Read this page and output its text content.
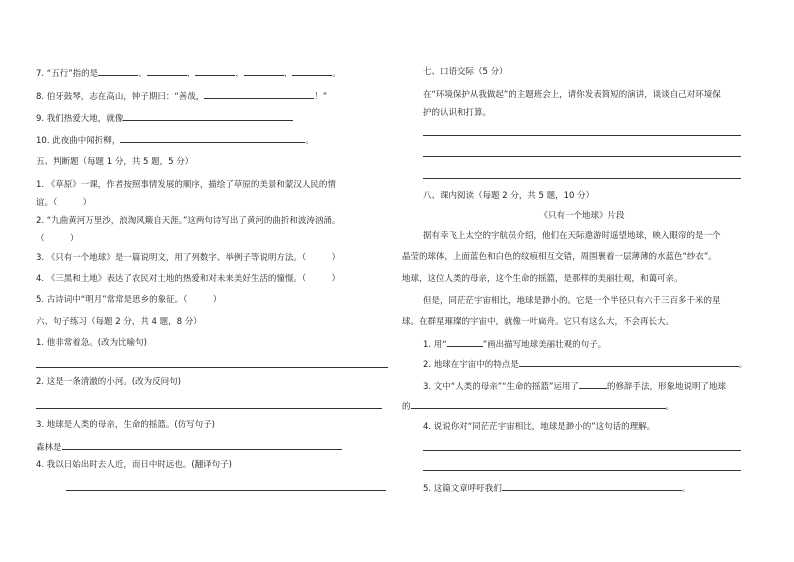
7. “五行”指的是	、	、	、	、	。
8. 伯牙鼓琴，志在高山，钟子期曰：“善哉，	！”
9. 我们热爱大地，就像
10. 此夜曲中闻折柳，	。
五、判断题（每题 1 分，共 5 题，5 分）
1. 《草原》一课，作者按照事情发展的顺序，描绘了草原的美景和蒙汉人民的情
谊。（　　　）
2. “九曲黄河万里沙，浪淘风簸自天涯。”这两句诗写出了黄河的曲折和波涛汹涌。
（　　　）
3. 《只有一个地球》是一篇说明文，用了列数字、举例子等说明方法。（　　　）
4. 《三黑和土地》表达了农民对土地的热爱和对未来美好生活的憧憬。（　　　）
5. 古诗词中“明月”常常是思乡的象征。（　　　）
六、句子练习（每题 2 分，共 4 题，8 分）
1. 他非常着急。(改为比喻句)
2. 这是一条清澈的小河。(改为反问句)
3. 地球是人类的母亲，生命的摇篮。(仿写句子)
森林是
4. 我以日始出时去人近，而日中时远也。(翻译句子)
七、口语交际（5 分）
在“环境保护从我做起”的主题班会上，请你发表简短的演讲，谈谈自己对环境保
护的认识和打算。
八、课内阅读（每题 2 分，共 5 题，10 分）
《只有一个地球》片段
据有幸飞上太空的宇航员介绍，他们在天际遨游时遥望地球，映入眼帘的是一个
晶莹的球体，上面蓝色和白色的纹痕相互交错，周围裹着一层薄薄的水蓝色“纱衣”。
地球，这位人类的母亲，这个生命的摇篮，是那样的美丽壮观，和蔼可亲。
但是，同茫茫宇宙相比，地球是渺小的。它是一个半径只有六千三百多千米的星
球。在群星璀璨的宇宙中，就像一叶扁舟。它只有这么大，不会再长大。
1. 用“	”画出描写地球美丽壮观的句子。
2. 地球在宇宙中的特点是	。
3. 文中“人类的母亲”“生命的摇篮”运用了	的修辞手法，形象地说明了地球
的	。
4. 说说你对“同茫茫宇宙相比，地球是渺小的”这句话的理解。
5. 这篇文章呼吁我们	。
